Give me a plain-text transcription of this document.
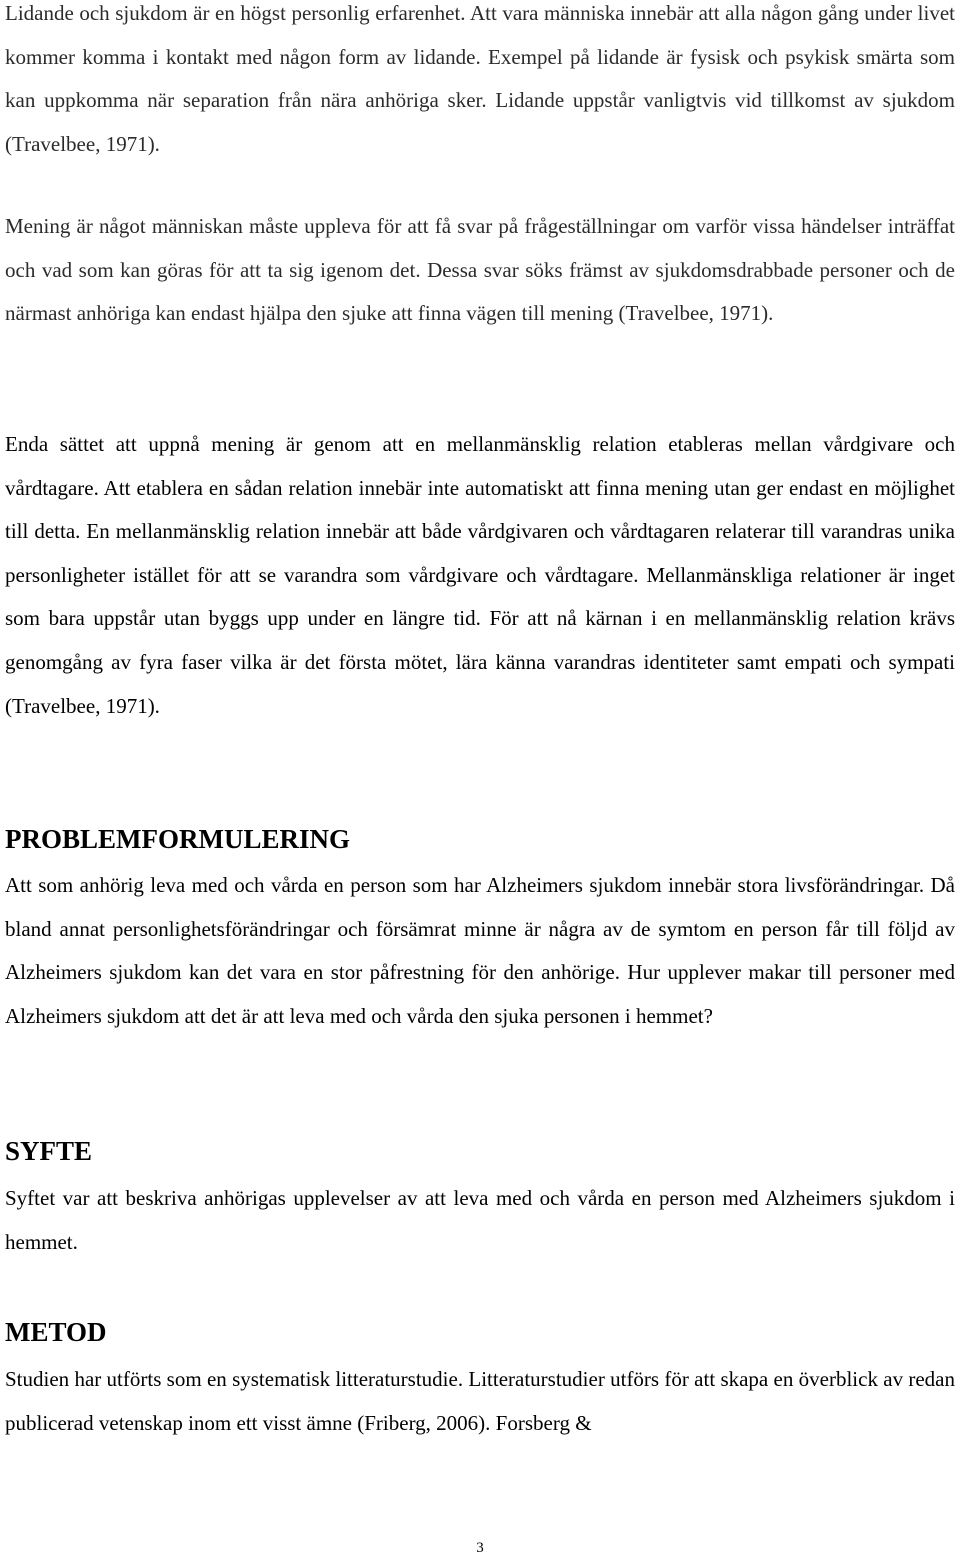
Lidande och sjukdom är en högst personlig erfarenhet. Att vara människa innebär att alla någon gång under livet kommer komma i kontakt med någon form av lidande. Exempel på lidande är fysisk och psykisk smärta som kan uppkomma när separation från nära anhöriga sker. Lidande uppstår vanligtvis vid tillkomst av sjukdom (Travelbee, 1971).

Mening är något människan måste uppleva för att få svar på frågeställningar om varför vissa händelser inträffat och vad som kan göras för att ta sig igenom det. Dessa svar söks främst av sjukdomsdrabbade personer och de närmast anhöriga kan endast hjälpa den sjuke att finna vägen till mening (Travelbee, 1971).

Enda sättet att uppnå mening är genom att en mellanmänsklig relation etableras mellan vårdgivare och vårdtagare. Att etablera en sådan relation innebär inte automatiskt att finna mening utan ger endast en möjlighet till detta. En mellanmänsklig relation innebär att både vårdgivaren och vårdtagaren relaterar till varandras unika personligheter istället för att se varandra som vårdgivare och vårdtagare. Mellanmänskliga relationer är inget som bara uppstår utan byggs upp under en längre tid. För att nå kärnan i en mellanmänsklig relation krävs genomgång av fyra faser vilka är det första mötet, lära känna varandras identiteter samt empati och sympati (Travelbee, 1971).

PROBLEMFORMULERING

Att som anhörig leva med och vårda en person som har Alzheimers sjukdom innebär stora livsförändringar. Då bland annat personlighetsförändringar och försämrat minne är några av de symtom en person får till följd av Alzheimers sjukdom kan det vara en stor påfrestning för den anhörige. Hur upplever makar till personer med Alzheimers sjukdom att det är att leva med och vårda den sjuka personen i hemmet?

SYFTE

Syftet var att beskriva anhörigas upplevelser av att leva med och vårda en person med Alzheimers sjukdom i hemmet.

METOD

Studien har utförts som en systematisk litteraturstudie. Litteraturstudier utförs för att skapa en överblick av redan publicerad vetenskap inom ett visst ämne (Friberg, 2006). Forsberg &

3
